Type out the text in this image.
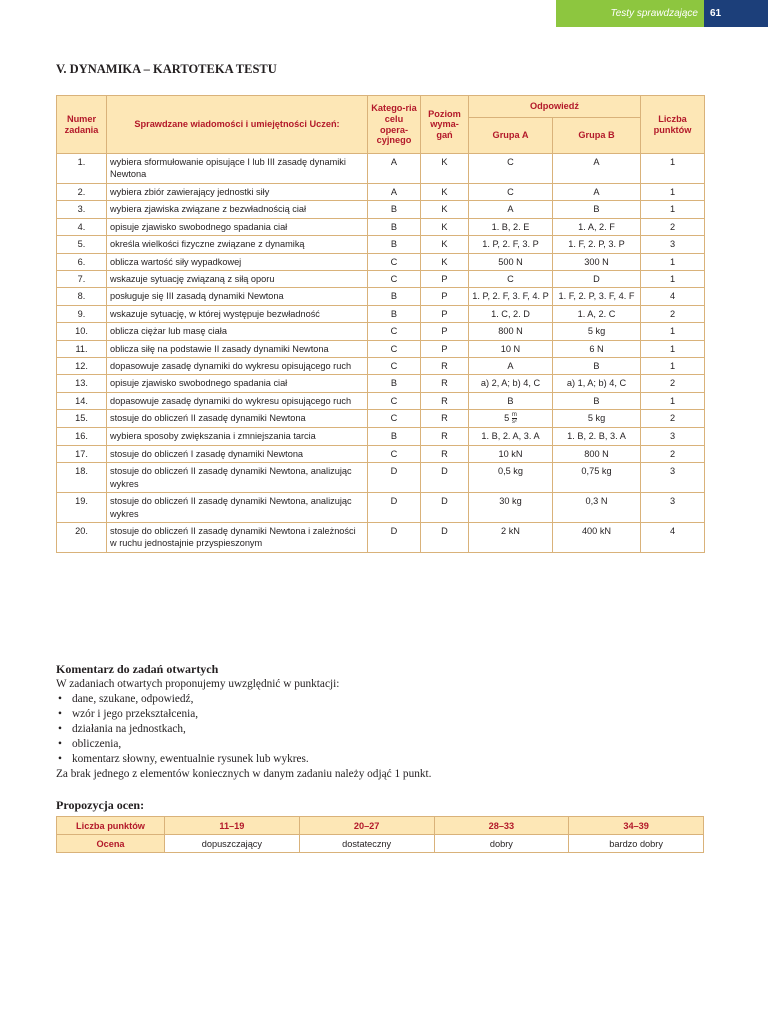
Testy sprawdzające	61
V. DYNAMIKA – KARTOTEKA TESTU
Numer zadania	Sprawdzane wiadomości i umiejętności Uczeń:	Katego-ria celu opera-cyjnego	Poziom wyma-gań	Odpowiedź		Liczba punktów
				Grupa A	Grupa B	
1.	wybiera sformułowanie opisujące I lub III zasadę dynamiki Newtona	A	K	C	A	1
2.	wybiera zbiór zawierający jednostki siły	A	K	C	A	1
3.	wybiera zjawiska związane z bezwładnością ciał	B	K	A	B	1
4.	opisuje zjawisko swobodnego spadania ciał	B	K	1. B, 2. E	1. A, 2. F	2
5.	określa wielkości fizyczne związane z dynamiką	B	K	1. P, 2. F, 3. P	1. F, 2. P, 3. P	3
6.	oblicza wartość siły wypadkowej	C	K	500 N	300 N	1
7.	wskazuje sytuację związaną z siłą oporu	C	P	C	D	1
8.	posługuje się III zasadą dynamiki Newtona	B	P	1. P, 2. F, 3. F, 4. P	1. F, 2. P, 3. F, 4. F	4
9.	wskazuje sytuację, w której występuje bezwładność	B	P	1. C, 2. D	1. A, 2. C	2
10.	oblicza ciężar lub masę ciała	C	P	800 N	5 kg	1
11.	oblicza siłę na podstawie II zasady dynamiki Newtona	C	P	10 N	6 N	1
12.	dopasowuje zasadę dynamiki do wykresu opisującego ruch	C	R	A	B	1
13.	opisuje zjawisko swobodnego spadania ciał	B	R	a) 2, A; b) 4, C	a) 1, A; b) 4, C	2
14.	dopasowuje zasadę dynamiki do wykresu opisującego ruch	C	R	B	B	1
15.	stosuje do obliczeń II zasadę dynamiki Newtona	C	R	$5 \frac{m}{\text{s²}}$	5 kg	2
16.	wybiera sposoby zwiększania i zmniejszania tarcia	B	R	1. B, 2. A, 3. A	1. B, 2. B, 3. A	3
17.	stosuje do obliczeń I zasadę dynamiki Newtona	C	R	10 kN	800 N	2
18.	stosuje do obliczeń II zasadę dynamiki Newtona, analizując wykres	D	D	0,5 kg	0,75 kg	3
19.	stosuje do obliczeń II zasadę dynamiki Newtona, analizując wykres	D	D	30 kg	0,3 N	3
20.	stosuje do obliczeń II zasadę dynamiki Newtona i zależności w ruchu jednostajnie przyspieszonym	D	D	2 kN	400 kN	4
Komentarz do zadań otwartych
W zadaniach otwartych proponujemy uwzględnić w punktacji:
• dane, szukane, odpowiedź,
• wzór i jego przekształcenia,
• działania na jednostkach,
• obliczenia,
• komentarz słowny, ewentualnie rysunek lub wykres.
Za brak jednego z elementów koniecznych w danym zadaniu należy odjąć 1 punkt.
Propozycja ocen:
Liczba punktów	11–19	20–27	28–33	34–39
Ocena	dopuszczający	dostateczny	dobry	bardzo dobry
